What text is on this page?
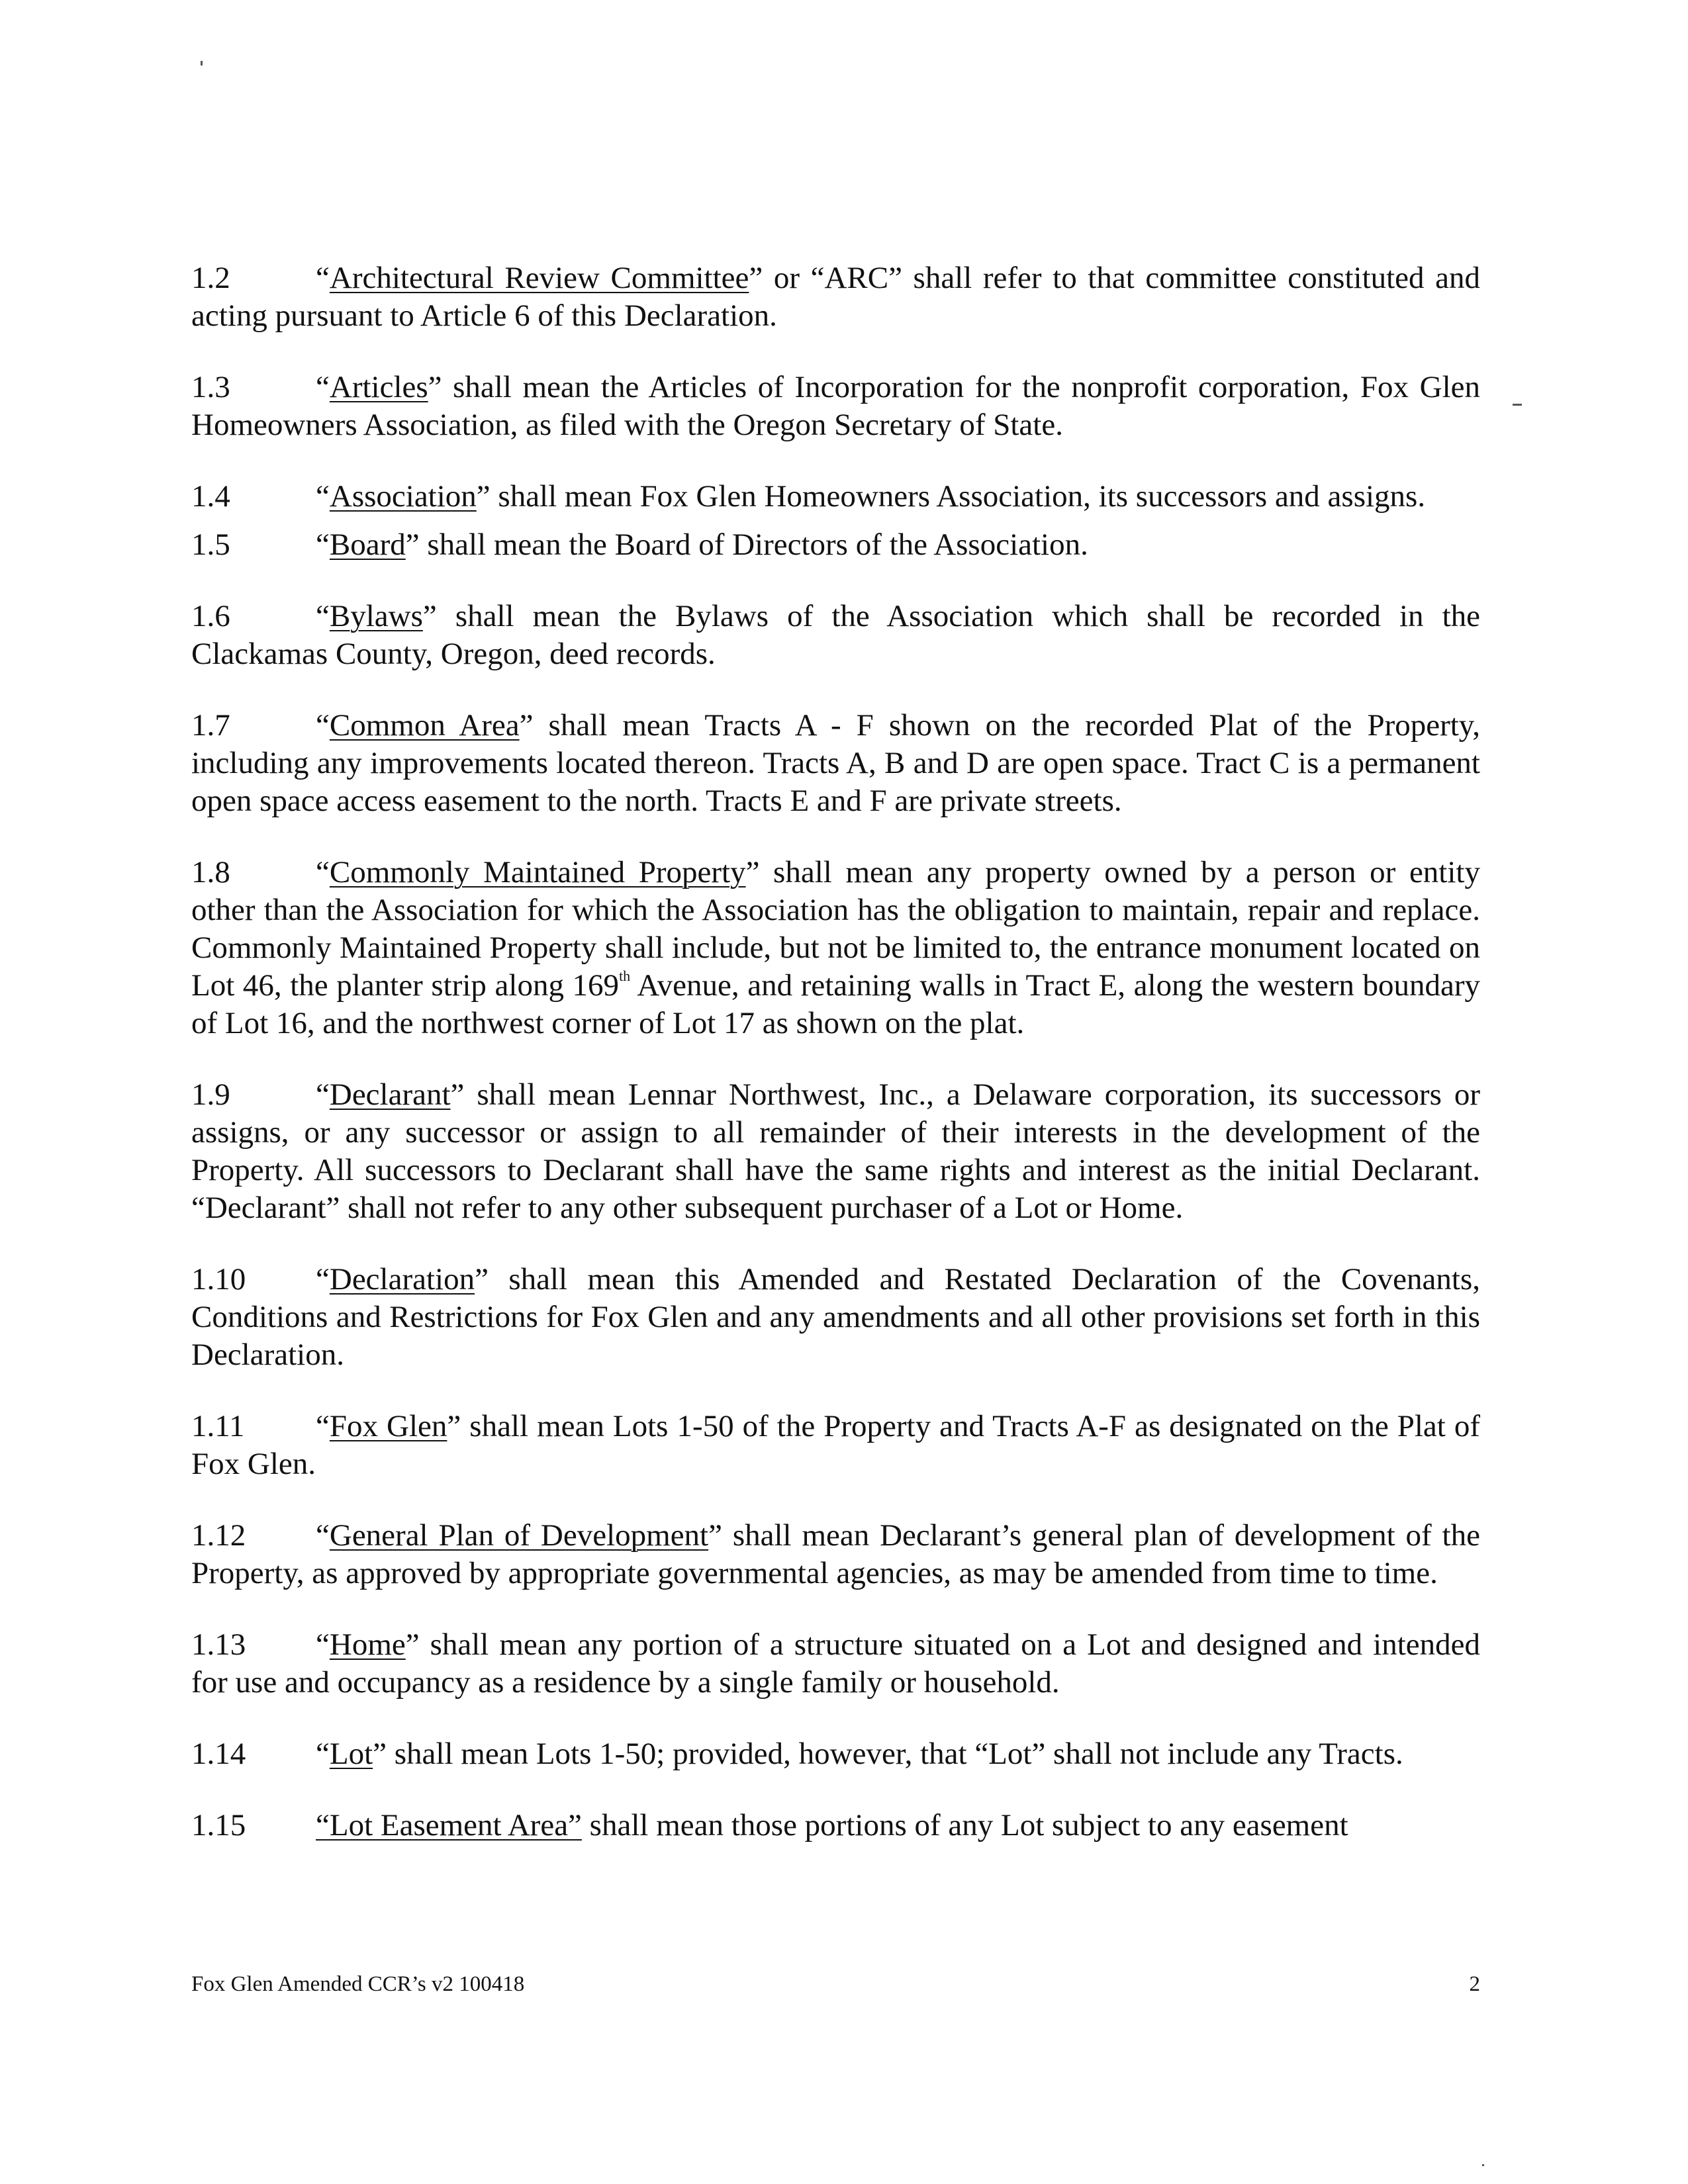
1.2	“Architectural Review Committee” or “ARC” shall refer to that committee constituted and acting pursuant to Article 6 of this Declaration.

1.3	“Articles” shall mean the Articles of Incorporation for the nonprofit corporation, Fox Glen Homeowners Association, as filed with the Oregon Secretary of State.

1.4	“Association” shall mean Fox Glen Homeowners Association, its successors and assigns.

1.5	“Board” shall mean the Board of Directors of the Association.

1.6	“Bylaws” shall mean the Bylaws of the Association which shall be recorded in the Clackamas County, Oregon, deed records.

1.7	“Common Area” shall mean Tracts A - F shown on the recorded Plat of the Property, including any improvements located thereon. Tracts A, B and D are open space. Tract C is a permanent open space access easement to the north. Tracts E and F are private streets.

1.8	“Commonly Maintained Property” shall mean any property owned by a person or entity other than the Association for which the Association has the obligation to maintain, repair and replace. Commonly Maintained Property shall include, but not be limited to, the entrance monument located on Lot 46, the planter strip along 169th Avenue, and retaining walls in Tract E, along the western boundary of Lot 16, and the northwest corner of Lot 17 as shown on the plat.

1.9	“Declarant” shall mean Lennar Northwest, Inc., a Delaware corporation, its successors or assigns, or any successor or assign to all remainder of their interests in the development of the Property. All successors to Declarant shall have the same rights and interest as the initial Declarant. “Declarant” shall not refer to any other subsequent purchaser of a Lot or Home.

1.10 “Declaration” shall mean this Amended and Restated Declaration of the Covenants, Conditions and Restrictions for Fox Glen and any amendments and all other provisions set forth in this Declaration.

1.11 “Fox Glen” shall mean Lots 1-50 of the Property and Tracts A-F as designated on the Plat of Fox Glen.

1.12 “General Plan of Development” shall mean Declarant’s general plan of development of the Property, as approved by appropriate governmental agencies, as may be amended from time to time.

1.13 “Home” shall mean any portion of a structure situated on a Lot and designed and intended for use and occupancy as a residence by a single family or household.

1.14 “Lot” shall mean Lots 1-50; provided, however, that “Lot” shall not include any Tracts.

1.15 “Lot Easement Area” shall mean those portions of any Lot subject to any easement

Fox Glen Amended CCR’s v2 100418	2
